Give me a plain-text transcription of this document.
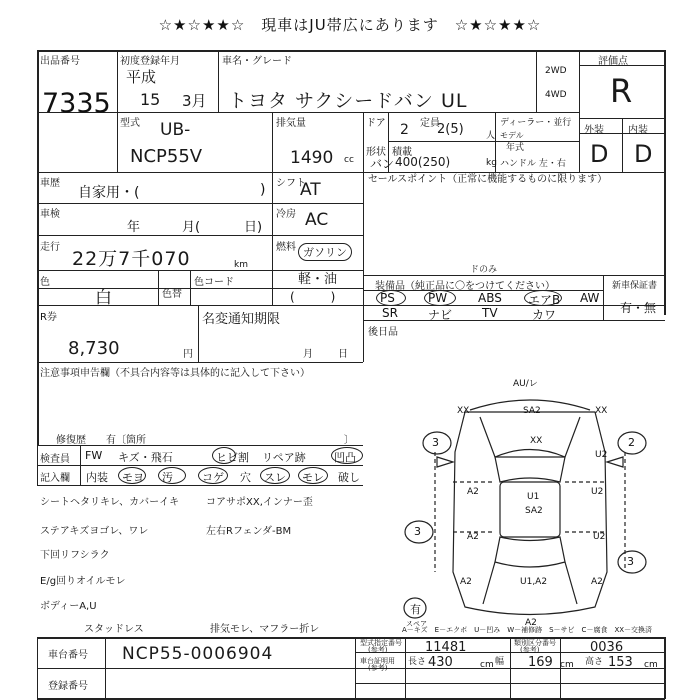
☆★☆★★☆　現車はJU帯広にあります　☆★☆★★☆
出品番号
7335
初度登録年月
平成
15 3月
車名・グレード
トヨタ サクシードバン UL
2WD
4WD
評価点
R
外装 内装
D D
型式 UB-
NCP55V
排気量
1490 cc
ドア 2 定員
2(5) 人
ディーラー・並行
モデル
年式
形状
バン
積載
400(250)	kg ハンドル 左・右
車歴
自家用・(	) シフト
AT
セールスポイント（正常に機能するものに限ります）
車検
年	月(	日)
冷房 AC
走行
22万7千070	km
燃料 ガソリン
軽・油
(　　　)
色
白	色替
色コード	装備品（純正品に〇をつけてください）
ドのみ
PS	PW	ABS エアB AW
SR	ナビ TV	カワ
新車保証書
有・無
R券
8,730	円
名変通知期限
月	日
後日品
注意事項申告欄（不具合内容等は具体的に記入して下さい）
修復歴　　有〔箇所	〕
検査員
記入欄
FW キズ・飛石	ヒビ割 リペア跡	凹凸
内装 モヨ 汚	コゲ 穴 スレ モレ 破し
シートヘタリキレ、カバーイキ
ステアキズヨゴレ、ワレ
下回リフシラク
E/g回りオイルモレ
ボディーA,U
スタッドレス
コアサポXX,インナー歪
左右Rフェンダ-BM
排気モレ、マフラー折レ
AU/レ
SA2
XX	XX
XX
3	2
3
3
U2
A2	U2
U1
SA2
A2	U2
U1,A2
A2	A2
有
スペア	A2
A－キズ　E－エクボ　U－凹み　W－補修跡　S－サビ　C－腐食　XX－交換済
車台番号 NCP55-0006904
登録番号
型式指定番号
(参考)	11481	類別区分番号
(参考)	0036
車台証明用
(参考)
長さ 430	cm 幅 169 cm 高さ 153 cm
